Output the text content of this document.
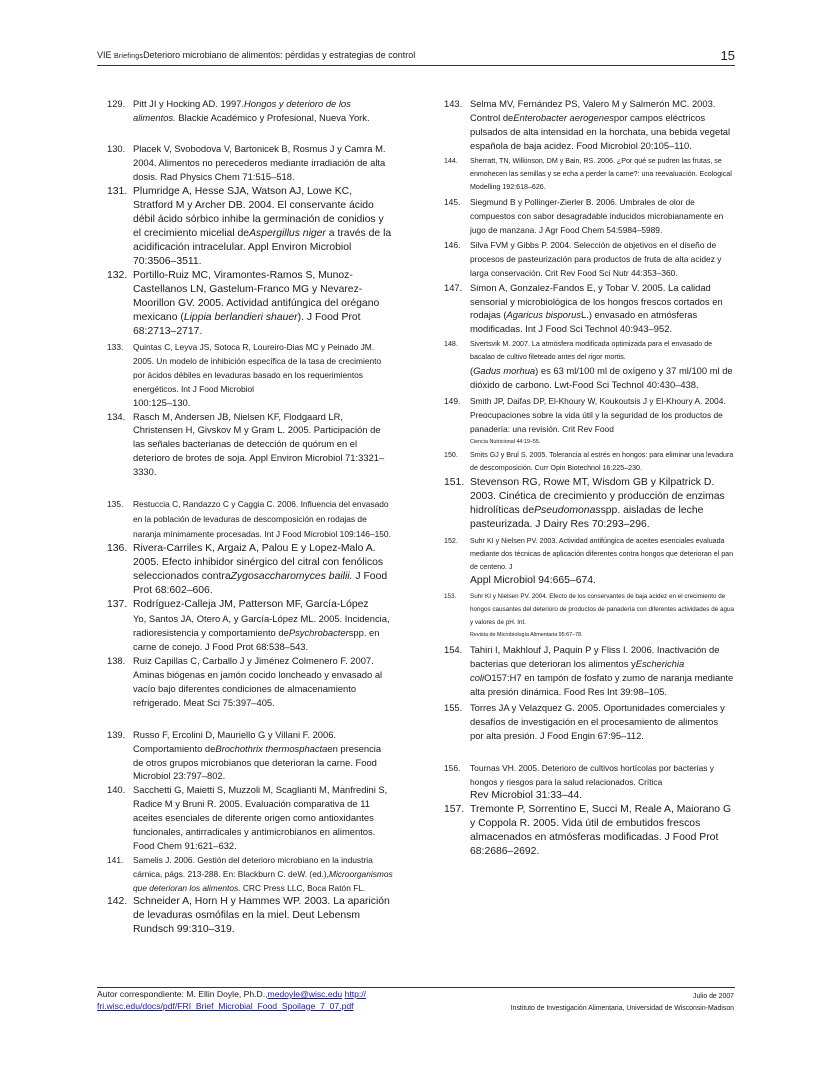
VIE BriefingsDeterioro microbiano de alimentos: pérdidas y estrategias de control	15
129. Pitt JI y Hocking AD. 1997.Hongos y deterioro de los alimentos. Blackie Académico y Profesional, Nueva York.
130. Placek V, Svobodova V, Bartonicek B, Rosmus J y Camra M. 2004. Alimentos no perecederos mediante irradiación de alta dosis. Rad Physics Chem 71:515–518.
131. Plumridge A, Hesse SJA, Watson AJ, Lowe KC, Stratford M y Archer DB. 2004. El conservante ácido débil ácido sórbico inhibe la germinación de conidios y el crecimiento micelial deAspergillus niger a través de la acidificación intracelular. Appl Environ Microbiol 70:3506–3511.
132. Portillo-Ruiz MC, Viramontes-Ramos S, Munoz-Castellanos LN, Gastelum-Franco MG y Nevarez-Moorillon GV. 2005. Actividad antifúngica del orégano mexicano (Lippia berlandieri shauer). J Food Prot 68:2713–2717.
133. Quintas C, Leyva JS, Sotoca R, Loureiro-Dias MC y Peinado JM. 2005. Un modelo de inhibición específica de la tasa de crecimiento por ácidos débiles en levaduras basado en los requerimientos energéticos. Int J Food Microbiol
100:125–130.
134. Rasch M, Andersen JB, Nielsen KF, Flodgaard LR, Christensen H, Givskov M y Gram L. 2005. Participación de las señales bacterianas de detección de quórum en el deterioro de brotes de soja. Appl Environ Microbiol 71:3321–3330.
135. Restuccia C, Randazzo C y Caggia C. 2006. Influencia del envasado en la población de levaduras de descomposición en rodajas de naranja mínimamente procesadas. Int J Food Microbiol 109:146–150.
136. Rivera-Carriles K, Argaiz A, Palou E y Lopez-Malo A. 2005. Efecto inhibidor sinérgico del citral con fenólicos seleccionados contraZygosaccharomyces bailii. J Food Prot 68:602–606.
137. Rodríguez-Calleja JM, Patterson MF, García-López
Yo, Santos JA, Otero A, y García-López ML. 2005. Incidencia, radioresistencia y comportamiento dePsychrobacterspp. en carne de conejo. J Food Prot 68:538–543.
138. Ruiz Capillas C, Carballo J y Jiménez Colmenero F. 2007. Aminas biógenas en jamón cocido loncheado y envasado al vacío bajo diferentes condiciones de almacenamiento refrigerado. Meat Sci 75:397–405.
139. Russo F, Ercolini D, Mauriello G y Villani F. 2006. Comportamiento deBrochothrix thermosphactaen presencia de otros grupos microbianos que deterioran la carne. Food Microbiol 23:797–802.
140. Sacchetti G, Maietti S, Muzzoli M, Scaglianti M, Manfredini S, Radice M y Bruni R. 2005. Evaluación comparativa de 11 aceites esenciales de diferente origen como antioxidantes funcionales, antirradicales y antimicrobianos en alimentos. Food Chem 91:621–632.
141. Samelis J. 2006. Gestión del deterioro microbiano en la industria cárnica, págs. 213-288. En: Blackburn C. deW. (ed.),Microorganismos que deterioran los alimentos. CRC Press LLC, Boca Ratón FL.
142. Schneider A, Horn H y Hammes WP. 2003. La aparición de levaduras osmófilas en la miel. Deut Lebensm Rundsch 99:310–319.
143. Selma MV, Fernández PS, Valero M y Salmerón MC. 2003. Control deEnterobacter aerogenespor campos eléctricos pulsados de alta intensidad en la horchata, una bebida vegetal española de baja acidez. Food Microbiol 20:105–110.
144. Sherratt, TN, Wilkinson, DM y Bain, RS. 2006. ¿Por qué se pudren las frutas, se enmohecen las semillas y se echa a perder la carne?: una reevaluación. Ecological Modelling 192:618–626.
145. Siegmund B y Pollinger-Zierler B. 2006. Umbrales de olor de compuestos con sabor desagradable inducidos microbianamente en jugo de manzana. J Agr Food Chem 54:5984–5989.
146. Silva FVM y Gibbs P. 2004. Selección de objetivos en el diseño de procesos de pasteurización para productos de fruta de alta acidez y larga conservación. Crit Rev Food Sci Nutr 44:353–360.
147. Simon A, Gonzalez-Fandos E, y Tobar V. 2005. La calidad sensorial y microbiológica de los hongos frescos cortados en rodajas (Agaricus bisporusL.) envasado en atmósferas modificadas. Int J Food Sci Technol 40:943–952.
148. Sivertsvik M. 2007. La atmósfera modificada optimizada para el envasado de bacalao de cultivo fileteado antes del rigor mortis.
(Gadus morhua) es 63 ml/100 ml de oxígeno y 37 ml/100 ml de dióxido de carbono. Lwt-Food Sci Technol 40:430–438.
149. Smith JP, Daifas DP, El-Khoury W, Koukoutsis J y El-Khoury A. 2004. Preocupaciones sobre la vida útil y la seguridad de los productos de panadería: una revisión. Crit Rev Food
Ciencia Nutricional 44:19–55.
150. Smits GJ y Brul S. 2005. Tolerancia al estrés en hongos: para eliminar una levadura de descomposición. Curr Opin Biotechnol 16:225–230.
151. Stevenson RG, Rowe MT, Wisdom GB y Kilpatrick D. 2003. Cinética de crecimiento y producción de enzimas hidrolíticas dePseudomonasspp. aisladas de leche pasteurizada. J Dairy Res 70:293–296.
152. Suhr KI y Nielsen PV. 2003. Actividad antifúngica de aceites esenciales evaluada mediante dos técnicas de aplicación diferentes contra hongos que deterioran el pan de centeno. J
Appl Microbiol 94:665–674.
153. Suhr KI y Nielsen PV. 2004. Efecto de los conservantes de baja acidez en el crecimiento de hongos causantes del deterioro de productos de panadería con diferentes actividades de agua y valores de pH. Int.
Revista de Microbiología Alimentaria 95:67–78.
154. Tahiri I, Makhlouf J, Paquin P y Fliss I. 2006. Inactivación de bacterias que deterioran los alimentos yEscherichia coliO157:H7 en tampón de fosfato y zumo de naranja mediante alta presión dinámica. Food Res Int 39:98–105.
155. Torres JA y Velazquez G. 2005. Oportunidades comerciales y desafíos de investigación en el procesamiento de alimentos por alta presión. J Food Engin 67:95–112.
156. Tournas VH. 2005. Deterioro de cultivos hortícolas por bacterias y hongos y riesgos para la salud relacionados. Crítica
Rev Microbiol 31:33–44.
157. Tremonte P, Sorrentino E, Succi M, Reale A, Maiorano G y Coppola R. 2005. Vida útil de embutidos frescos almacenados en atmósferas modificadas. J Food Prot 68:2686–2692.
Autor correspondiente: M. Ellin Doyle, Ph.D.,medoyle@wisc.edu http://
fri.wisc.edu/docs/pdf/FRI_Brief_Microbial_Food_Spoilage_7_07.pdf
Julio de 2007
Instituto de Investigación Alimentaria, Universidad de Wisconsin-Madison
